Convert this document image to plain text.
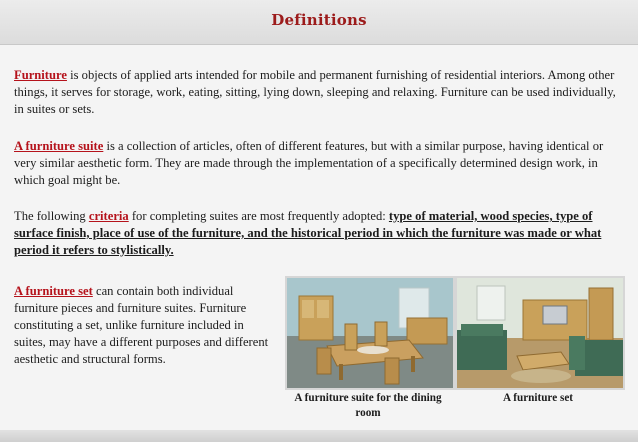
Definitions

Furniture is objects of applied arts intended for mobile and permanent furnishing of residential interiors. Among other things, it serves for storage, work, eating, sitting, lying down, sleeping and relaxing. Furniture can be used individually, in suites or sets.

A furniture suite is a collection of articles, often of different features, but with a similar purpose, having identical or very similar aesthetic form. They are made through the implementation of a specifically determined design work, in which goal might be.

The following criteria for completing suites are most frequently adopted: type of material, wood species, type of surface finish, place of use of the furniture, and the historical period in which the furniture was made or what period it refers to stylistically.

A furniture set can contain both individual furniture pieces and furniture suites. Furniture constituting a set, unlike furniture included in suites, may have a different purposes and different aesthetic and structural forms.

A furniture suite for the dining room
A furniture set
